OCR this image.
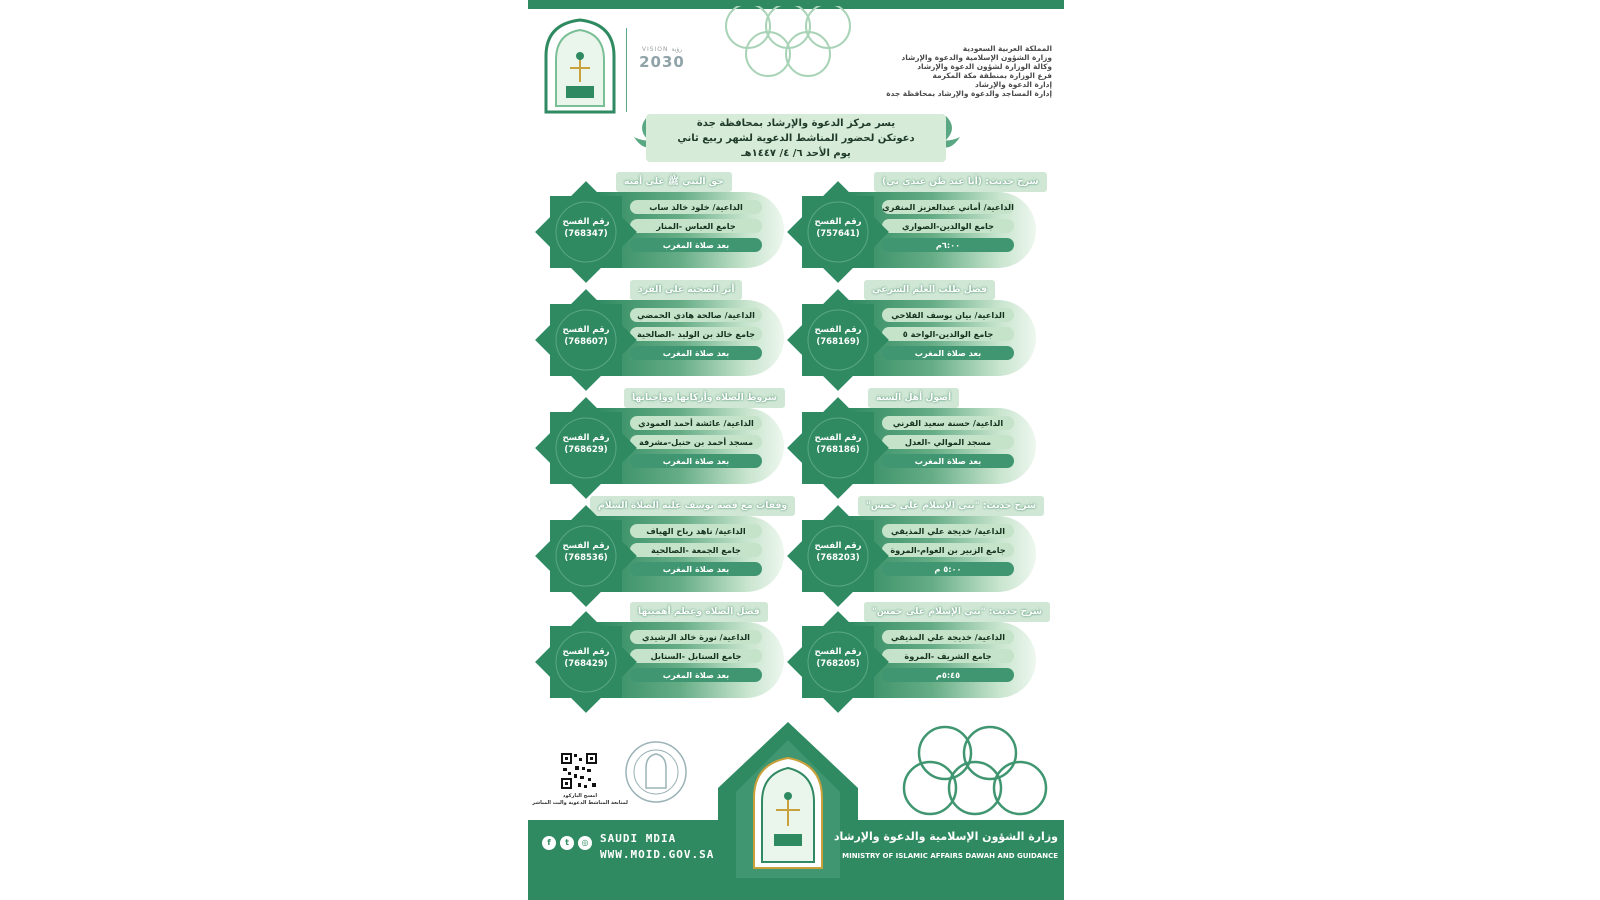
VISION رؤية
2030
المملكة العربية السعودية
وزارة الشؤون الإسلامية والدعوة والإرشاد
وكالة الوزارة لشؤون الدعوة والإرشاد
فرع الوزارة بمنطقة مكة المكرمة
إدارة الدعوة والإرشاد
إدارة المساجد والدعوة والإرشاد بمحافظة جدة
يسر مركز الدعوة والإرشاد بمحافظة جدة
دعوتكن لحضور المناشط الدعوية لشهر ربيع ثاني
يوم الأحد ٦/ ٤/ ١٤٤٧هـ
شرح حديث: (أنا عند ظن عبدي بي)
الداعية/ أماني عبدالعزيز المنقري
جامع الوالدين-الصواري
٦:٠٠م
رقم الفسح
(757641)
حق النبي ﷺ على أمته
الداعية/ خلود خالد ساب
جامع العباس -المنار
بعد صلاة المغرب
رقم الفسح
(768347)
فضل طلب العلم الشرعي
الداعية/ بيان يوسف الفلاحي
جامع الوالدين-الواحة ٥
بعد صلاة المغرب
رقم الفسح
(768169)
أثر الصحبة على الفرد
الداعية/ صالحة هادي الحمضي
جامع خالد بن الوليد -الصالحية
بعد صلاة المغرب
رقم الفسح
(768607)
أصول أهل السنة
الداعية/ حسنة سعيد القرني
مسجد الموالي -العدل
بعد صلاة المغرب
رقم الفسح
(768186)
شروط الصلاة وأركانها وواجباتها
الداعية/ عائشة أحمد العمودي
مسجد أحمد بن حنبل-مشرفة
بعد صلاة المغرب
رقم الفسح
(768629)
شرح حديث: "بني الإسلام على خمس"
الداعية/ خديجة علي المذيقي
جامع الزبير بن العوام-المروة
٥:٠٠ م
رقم الفسح
(768203)
وقفات مع قصة يوسف عليه الصلاة السلام
الداعية/ ناهد رباح الهياف
جامع الجمعة -الصالحية
بعد صلاة المغرب
رقم الفسح
(768536)
شرح حديث: "بني الإسلام على خمس"
الداعية/ خديجة علي المذيقي
جامع الشريف -المروة
٥:٤٥م
رقم الفسح
(768205)
فضل الصلاة وعظم أهميتها
الداعية/ نورة خالد الرشيدي
جامع السنابل -السنابل
بعد صلاة المغرب
رقم الفسح
(768429)
امسح الباركود
لمتابعة المناشط الدعوية والبث المباشر
وزارة الشؤون الإسلامية والدعوة والإرشاد
MINISTRY OF ISLAMIC AFFAIRS DAWAH AND GUIDANCE
SAUDI MDIA
WWW.MOID.GOV.SA
f	t	◎
